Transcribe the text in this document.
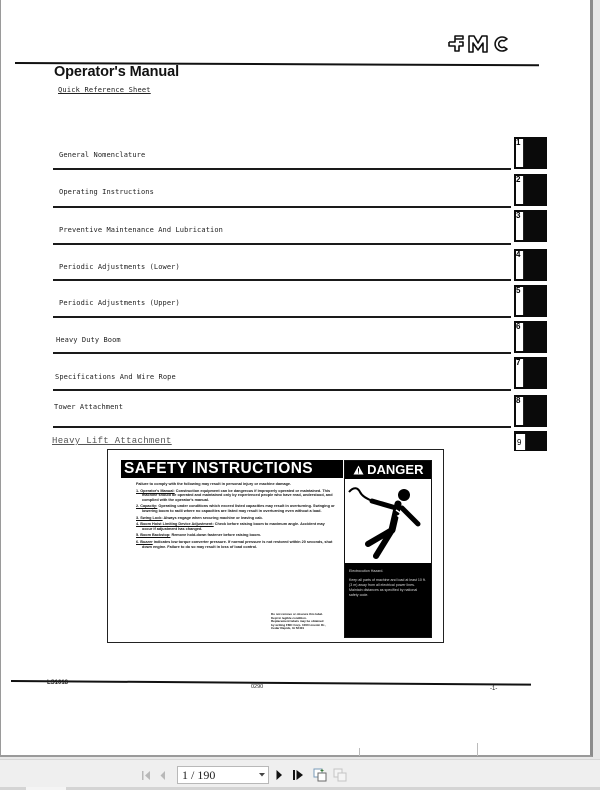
Operator's Manual
Quick Reference Sheet
General Nomenclature
1
Operating Instructions
2
Preventive Maintenance And Lubrication
3
Periodic Adjustments (Lower)
4
Periodic Adjustments (Upper)
5
Heavy Duty Boom
6
Specifications And Wire Rope
7
Tower Attachment
8
Heavy Lift Attachment	9
SAFETY INSTRUCTIONS

Failure to comply with the following may result in personal injury or machine damage.

1. Operator's Manual: Construction equipment can be dangerous if improperly operated or maintained. This machine should be operated and maintained only by experienced people who have read, understood, and complied with the operator's manual.

2. Capacity: Operating under conditions which exceed listed capacities may result in overturning. Swinging or lowering boom to radii where no capacities are listed may result in overturning even without a load.

3. Swing Lock: Always engage when securing machine or leaving cab.

4. Boom Hoist Limiting Device Adjustment: Check before raising boom to maximum angle. Accident may occur if adjustment has changed.

5. Boom Backstop: Remove hold-down fastener before raising boom.

6. Buzzer indicates low torque converter pressure. If normal pressure is not restored within 20 seconds, shut down engine. Failure to do so may result in loss of load control.

Do not remove or obscure this label. Kept in legible condition. Replacement labels may be obtained by writing FMC Corp. 1000 Lincoln Dr., Cedar Rapids, IA 52401
DANGER

Electrocution Hazard.

Keep all parts of machine and load at least 10 ft. (3 m) away from all electrical power lines. Maintain distances as specified by national safety code.

LS1018
0290	-1-
1 / 190
